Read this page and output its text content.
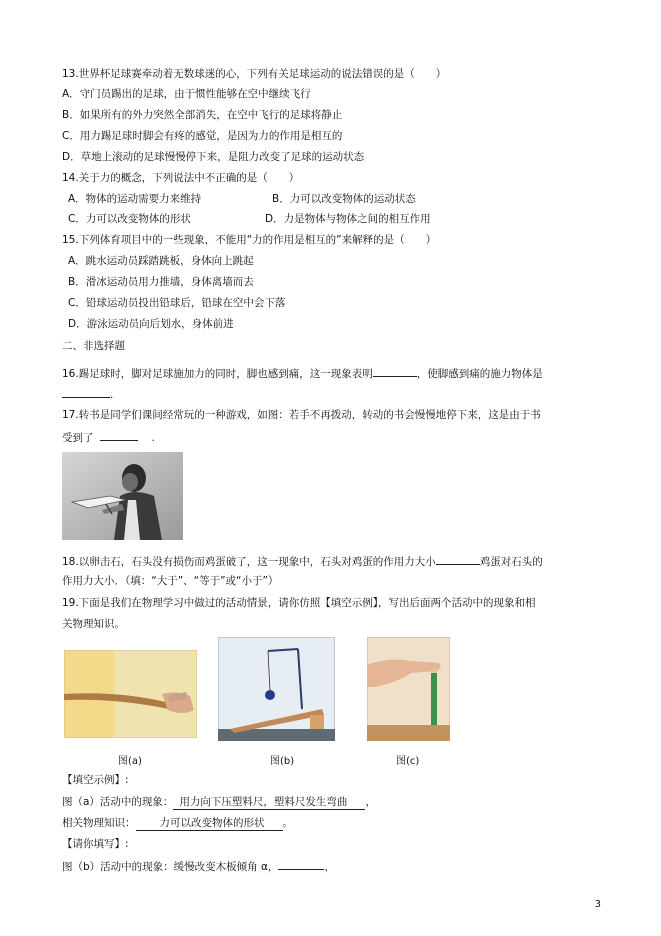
13.世界杯足球赛牵动着无数球迷的心，下列有关足球运动的说法错误的是（　　）
A．守门员踢出的足球，由于惯性能够在空中继续飞行
B．如果所有的外力突然全部消失，在空中飞行的足球将静止
C．用力踢足球时脚会有疼的感觉，是因为力的作用是相互的
D．草地上滚动的足球慢慢停下来，是阻力改变了足球的运动状态
14.关于力的概念，下列说法中不正确的是（　　）
A．物体的运动需要力来维持	B．力可以改变物体的运动状态
C．力可以改变物体的形状	D．力是物体与物体之间的相互作用
15.下列体育项目中的一些现象，不能用“力的作用是相互的”来解释的是（　　）
A．跳水运动员踩踏跳板，身体向上跳起
B．滑冰运动员用力推墙，身体离墙而去
C．铅球运动员投出铅球后，铅球在空中会下落
D．游泳运动员向后划水，身体前进
二、非选择题
16.踢足球时，脚对足球施加力的同时，脚也感到痛，这一现象表明	，使脚感到痛的施力物体是
.
17.转书是同学们课间经常玩的一种游戏，如图：若手不再拨动，转动的书会慢慢地停下来，这是由于书
受到了	.
18.以卵击石，石头没有损伤而鸡蛋破了，这一现象中，石头对鸡蛋的作用力大小	鸡蛋对石头的
作用力大小．（填：“大于”、“等于”或“小于”）
19.下面是我们在物理学习中做过的活动情景，请你仿照【填空示例】，写出后面两个活动中的现象和相
关物理知识。
图(a)	图(b)	图(c)
【填空示例】:
图（a）活动中的现象： 用力向下压塑料尺，塑料尺发生弯曲 ，
相关物理知识： 力可以改变物体的形状 。
【请你填写】:
图（b）活动中的现象：缓慢改变木板倾角 α，	，
3
